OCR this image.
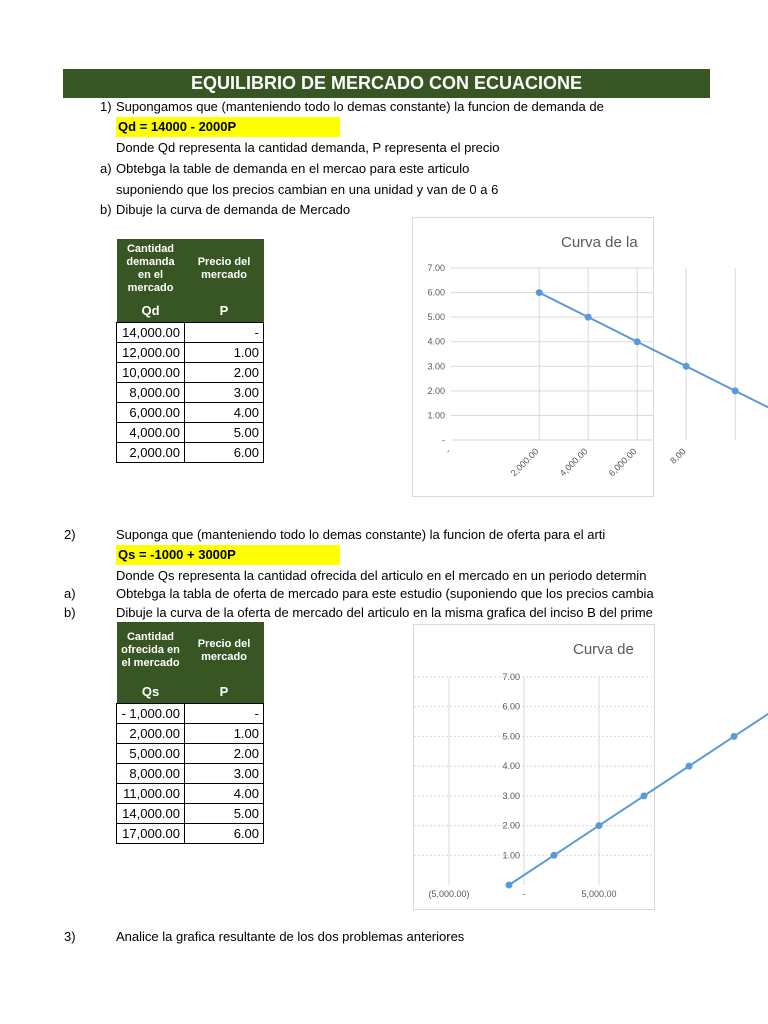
EQUILIBRIO DE MERCADO CON ECUACIONE
1) Supongamos que (manteniendo todo lo demas constante) la funcion de demanda de
Qd = 14000 - 2000P
Donde Qd representa la cantidad demanda, P representa el precio
a) Obtebga la table de demanda en el mercao para este articulo
suponiendo que los precios cambian en una unidad y van de 0 a 6
b) Dibuje la curva de demanda de Mercado
Cantidad demanda en el mercado	Precio del mercado
Qd	P
14,000.00	-
12,000.00	1.00
10,000.00	2.00
8,000.00	3.00
6,000.00	4.00
4,000.00	5.00
2,000.00	6.00
Curva de la
-
1.00
2.00
3.00
4.00
5.00
6.00
7.00
-	2,000.00 4,000.00 6,000.00	8,00
2)	Suponga que (manteniendo todo lo demas constante) la funcion de oferta para el arti
Qs = -1000 + 3000P
Donde Qs representa la cantidad ofrecida del articulo en el mercado en un periodo determin
a)	Obtebga la tabla de oferta de mercado para este estudio (suponiendo que los precios cambia
b)	Dibuje la curva de la oferta de mercado del articulo en la misma grafica del inciso B del prime
Cantidad ofrecida en el mercado	Precio del mercado
Qs	P
- 1,000.00	-
2,000.00	1.00
5,000.00	2.00
8,000.00	3.00
11,000.00	4.00
14,000.00	5.00
17,000.00	6.00
Curva de
1.00
2.00
3.00
4.00
5.00
6.00
7.00
(5,000.00)	-	5,000.00
3)	Analice la grafica resultante de los dos problemas anteriores
